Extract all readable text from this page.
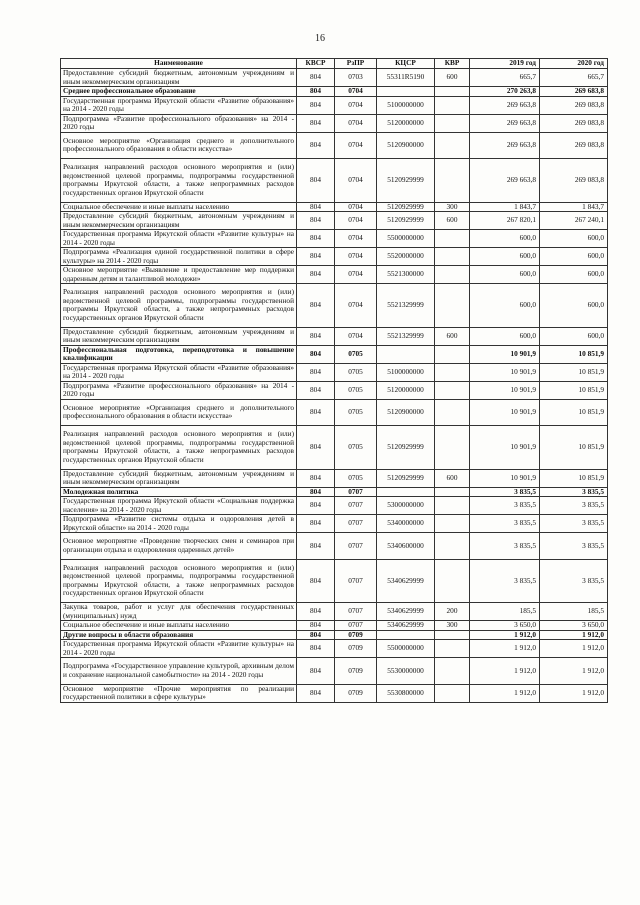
16
Наименование	КВСР	РзПР	КЦСР	КВР	2019 год	2020 год
Предоставление субсидий бюджетным, автономным учреждениям и иным некоммерческим организациям	804	0703	55311R5190	600	665,7	665,7
Среднее профессиональное образование	804	0704			270 263,8	269 683,8
Государственная программа Иркутской области «Развитие образования» на 2014 - 2020 годы	804	0704	5100000000		269 663,8	269 083,8
Подпрограмма «Развитие профессионального образования» на 2014 - 2020 годы	804	0704	5120000000		269 663,8	269 083,8
Основное мероприятие «Организация среднего и дополнительного профессионального образования в области искусства»	804	0704	5120900000		269 663,8	269 083,8
Реализация направлений расходов основного мероприятия и (или) ведомственной целевой программы, подпрограммы государственной программы Иркутской области, а также непрограммных расходов государственных органов Иркутской области	804	0704	5120929999		269 663,8	269 083,8
Социальное обеспечение и иные выплаты населению	804	0704	5120929999	300	1 843,7	1 843,7
Предоставление субсидий бюджетным, автономным учреждениям и иным некоммерческим организациям	804	0704	5120929999	600	267 820,1	267 240,1
Государственная программа Иркутской области «Развитие культуры» на 2014 - 2020 годы	804	0704	5500000000		600,0	600,0
Подпрограмма «Реализация единой государственной политики в сфере культуры» на 2014 - 2020 годы	804	0704	5520000000		600,0	600,0
Основное мероприятие «Выявление и предоставление мер поддержки одаренным детям и талантливой молодежи»	804	0704	5521300000		600,0	600,0
Реализация направлений расходов основного мероприятия и (или) ведомственной целевой программы, подпрограммы государственной программы Иркутской области, а также непрограммных расходов государственных органов Иркутской области	804	0704	5521329999		600,0	600,0
Предоставление субсидий бюджетным, автономным учреждениям и иным некоммерческим организациям	804	0704	5521329999	600	600,0	600,0
Профессиональная подготовка, переподготовка и повышение квалификации	804	0705			10 901,9	10 851,9
Государственная программа Иркутской области «Развитие образования» на 2014 - 2020 годы	804	0705	5100000000		10 901,9	10 851,9
Подпрограмма «Развитие профессионального образования» на 2014 - 2020 годы	804	0705	5120000000		10 901,9	10 851,9
Основное мероприятие «Организация среднего и дополнительного профессионального образования в области искусства»	804	0705	5120900000		10 901,9	10 851,9
Реализация направлений расходов основного мероприятия и (или) ведомственной целевой программы, подпрограммы государственной программы Иркутской области, а также непрограммных расходов государственных органов Иркутской области	804	0705	5120929999		10 901,9	10 851,9
Предоставление субсидий бюджетным, автономным учреждениям и иным некоммерческим организациям	804	0705	5120929999	600	10 901,9	10 851,9
Молодежная политика	804	0707			3 835,5	3 835,5
Государственная программа Иркутской области «Социальная поддержка населения» на 2014 - 2020 годы	804	0707	5300000000		3 835,5	3 835,5
Подпрограмма «Развитие системы отдыха и оздоровления детей в Иркутской области» на 2014 - 2020 годы	804	0707	5340000000		3 835,5	3 835,5
Основное мероприятие «Проведение творческих смен и семинаров при организации отдыха и оздоровления одаренных детей»	804	0707	5340600000		3 835,5	3 835,5
Реализация направлений расходов основного мероприятия и (или) ведомственной целевой программы, подпрограммы государственной программы Иркутской области, а также непрограммных расходов государственных органов Иркутской области	804	0707	5340629999		3 835,5	3 835,5
Закупка товаров, работ и услуг для обеспечения государственных (муниципальных) нужд	804	0707	5340629999	200	185,5	185,5
Социальное обеспечение и иные выплаты населению	804	0707	5340629999	300	3 650,0	3 650,0
Другие вопросы в области образования	804	0709			1 912,0	1 912,0
Государственная программа Иркутской области «Развитие культуры» на 2014 - 2020 годы	804	0709	5500000000		1 912,0	1 912,0
Подпрограмма «Государственное управление культурой, архивным делом и сохранение национальной самобытности» на 2014 - 2020 годы	804	0709	5530000000		1 912,0	1 912,0
Основное мероприятие «Прочие мероприятия по реализации государственной политики в сфере культуры»	804	0709	5530800000		1 912,0	1 912,0
